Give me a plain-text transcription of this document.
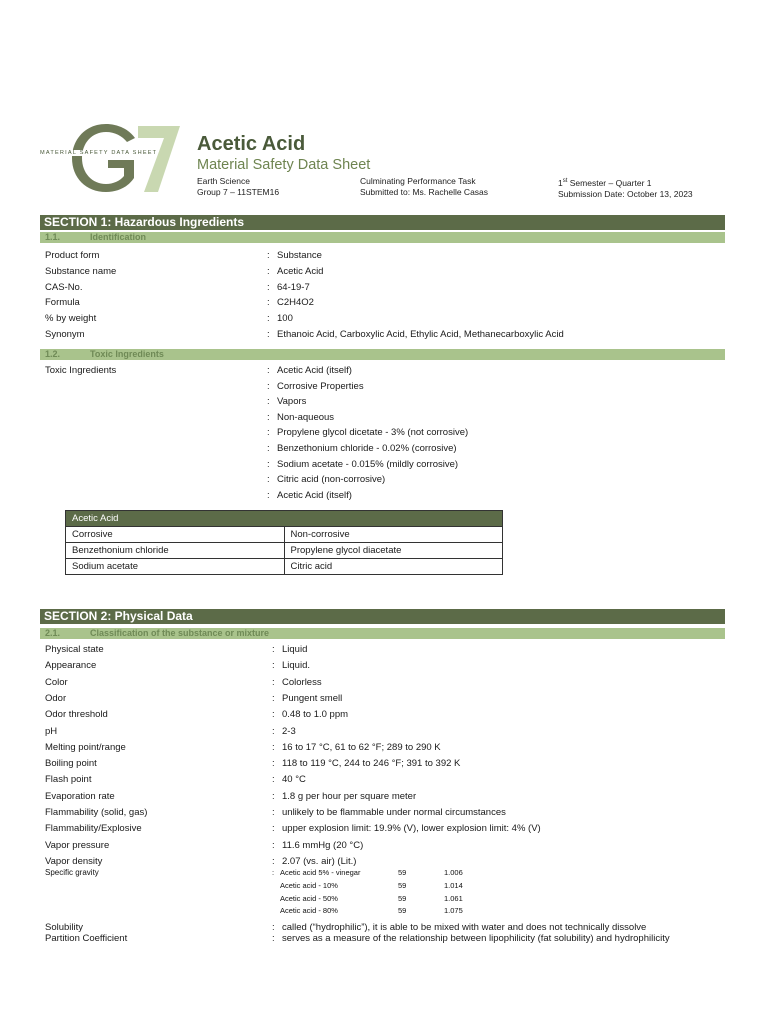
MATERIAL SAFETY DATA SHEET Acetic Acid
Material Safety Data Sheet
Earth Science
Group 7 – 11STEM16
Culminating Performance Task
Submitted to: Ms. Rachelle Casas
1st Semester – Quarter 1
Submission Date: October 13, 2023
SECTION 1: Hazardous Ingredients
1.1.	Identification
Product form	: Substance
Substance name	: Acetic Acid
CAS-No.	: 64-19-7
Formula	: C2H4O2
% by weight	: 100
Synonym	: Ethanoic Acid, Carboxylic Acid, Ethylic Acid, Methanecarboxylic Acid
1.2.	Toxic Ingredients
Toxic Ingredients	: Acetic Acid (itself)
: Corrosive Properties
: Vapors
: Non-aqueous
: Propylene glycol dicetate - 3% (not corrosive)
: Benzethonium chloride - 0.02% (corrosive)
: Sodium acetate - 0.015% (mildly corrosive)
: Citric acid (non-corrosive)
: Acetic Acid (itself)
Acetic Acid	
Corrosive	Non-corrosive
Benzethonium chloride	Propylene glycol diacetate
Sodium acetate	Citric acid
SECTION 2: Physical Data
2.1.	Classification of the substance or mixture
Physical state	: Liquid
Appearance	: Liquid.
Color	: Colorless
Odor	: Pungent smell
Odor threshold	: 0.48 to 1.0 ppm
pH	: 2-3
Melting point/range	: 16 to 17 °C, 61 to 62 °F; 289 to 290 K
Boiling point	: 118 to 119 °C, 244 to 246 °F; 391 to 392 K
Flash point	: 40 °C
Evaporation rate	: 1.8 g per hour per square meter
Flammability (solid, gas)	: unlikely to be flammable under normal circumstances
Flammability/Explosive	: upper explosion limit: 19.9% (V), lower explosion limit: 4% (V)
Vapor pressure	: 11.6 mmHg (20 °C)
Vapor density	: 2.07 (vs. air) (Lit.)
Specific gravity	: Acetic acid 5% - vinegar	59	1.006
Acetic acid - 10%	59	1.014
Acetic acid - 50%	59	1.061
Acetic acid - 80%	59	1.075
Solubility	: called (“hydrophilic”), it is able to be mixed with water and does not technically dissolve
Partition Coefficient	: serves as a measure of the relationship between lipophilicity (fat solubility) and hydrophilicity
